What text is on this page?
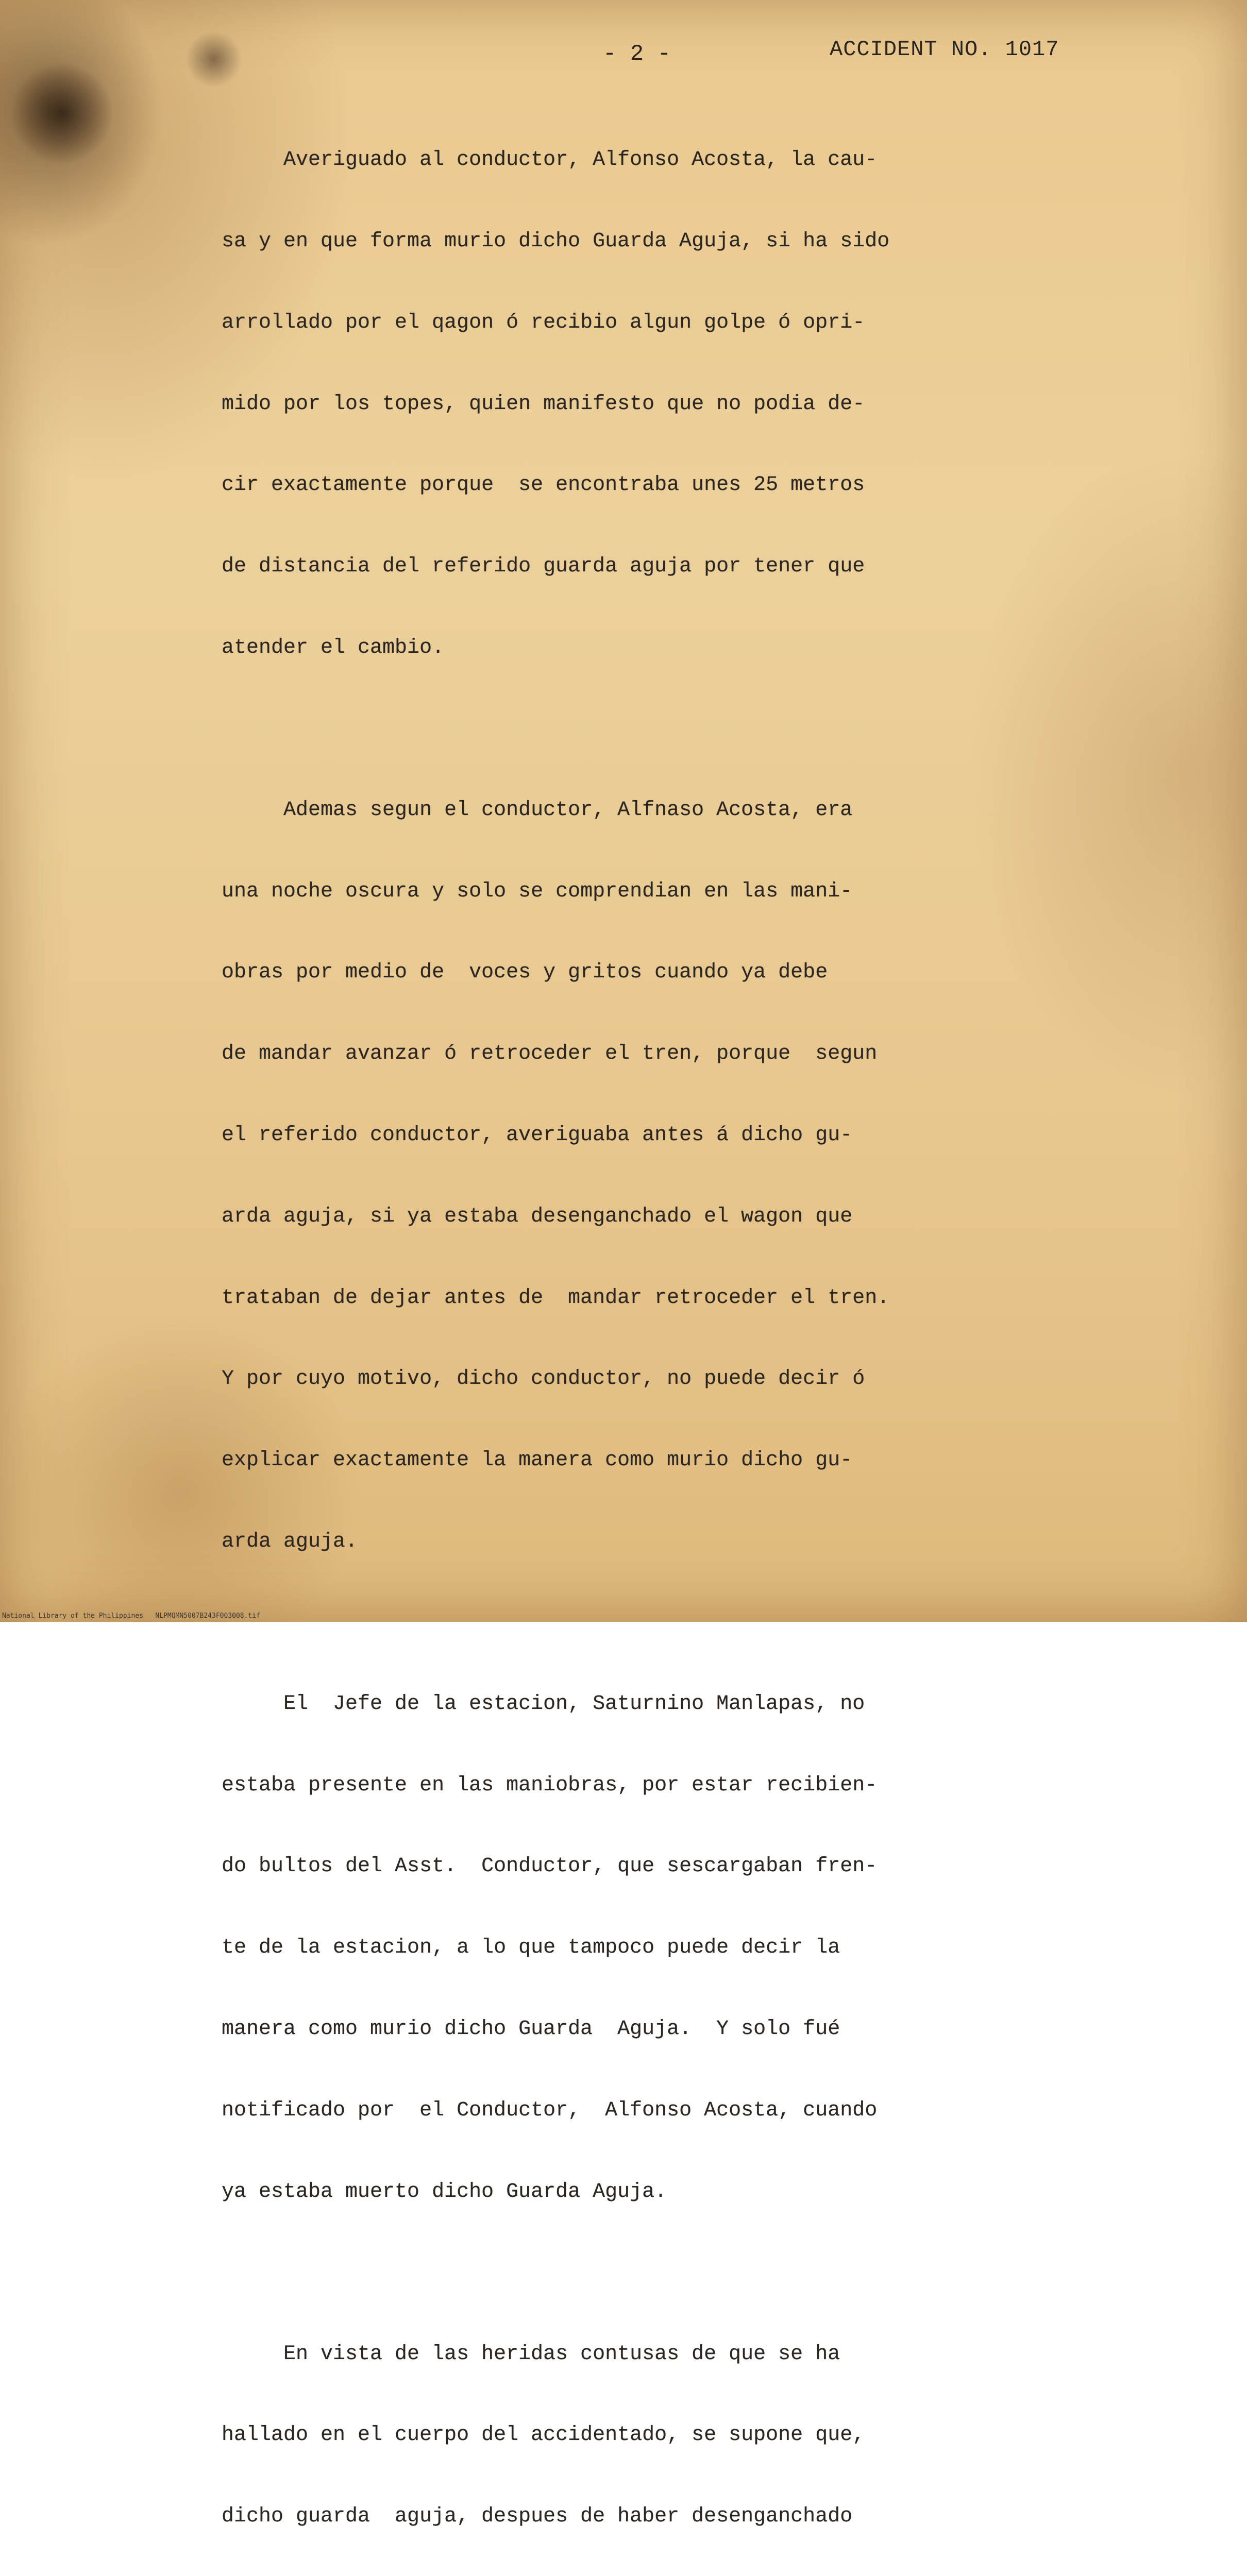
- 2 -	ACCIDENT NO. 1017

Averiguado al conductor, Alfonso Acosta, la cau-

sa y en que forma murio dicho Guarda Aguja, si ha sido

arrollado por el qagon ó recibio algun golpe ó opri-

mido por los topes, quien manifesto que no podia de-

cir exactamente porque  se encontraba unes 25 metros

de distancia del referido guarda aguja por tener que

atender el cambio.

Ademas segun el conductor, Alfnaso Acosta, era

una noche oscura y solo se comprendian en las mani-

obras por medio de  voces y gritos cuando ya debe

de mandar avanzar ó retroceder el tren, porque  segun

el referido conductor, averiguaba antes á dicho gu-

arda aguja, si ya estaba desenganchado el wagon que

trataban de dejar antes de  mandar retroceder el tren.

Y por cuyo motivo, dicho conductor, no puede decir ó

explicar exactamente la manera como murio dicho gu-

arda aguja.

El  Jefe de la estacion, Saturnino Manlapas, no

estaba presente en las maniobras, por estar recibien-

do bultos del Asst.  Conductor, que sescargaban fren-

te de la estacion, a lo que tampoco puede decir la

manera como murio dicho Guarda  Aguja.  Y solo fué

notificado por  el Conductor,  Alfonso Acosta, cuando

ya estaba muerto dicho Guarda Aguja.

En vista de las heridas contusas de que se ha

hallado en el cuerpo del accidentado, se supone que,

dicho guarda  aguja, despues de haber desenganchado

National Library of the Philippines   NLPMQMN5007B243F003008.tif
